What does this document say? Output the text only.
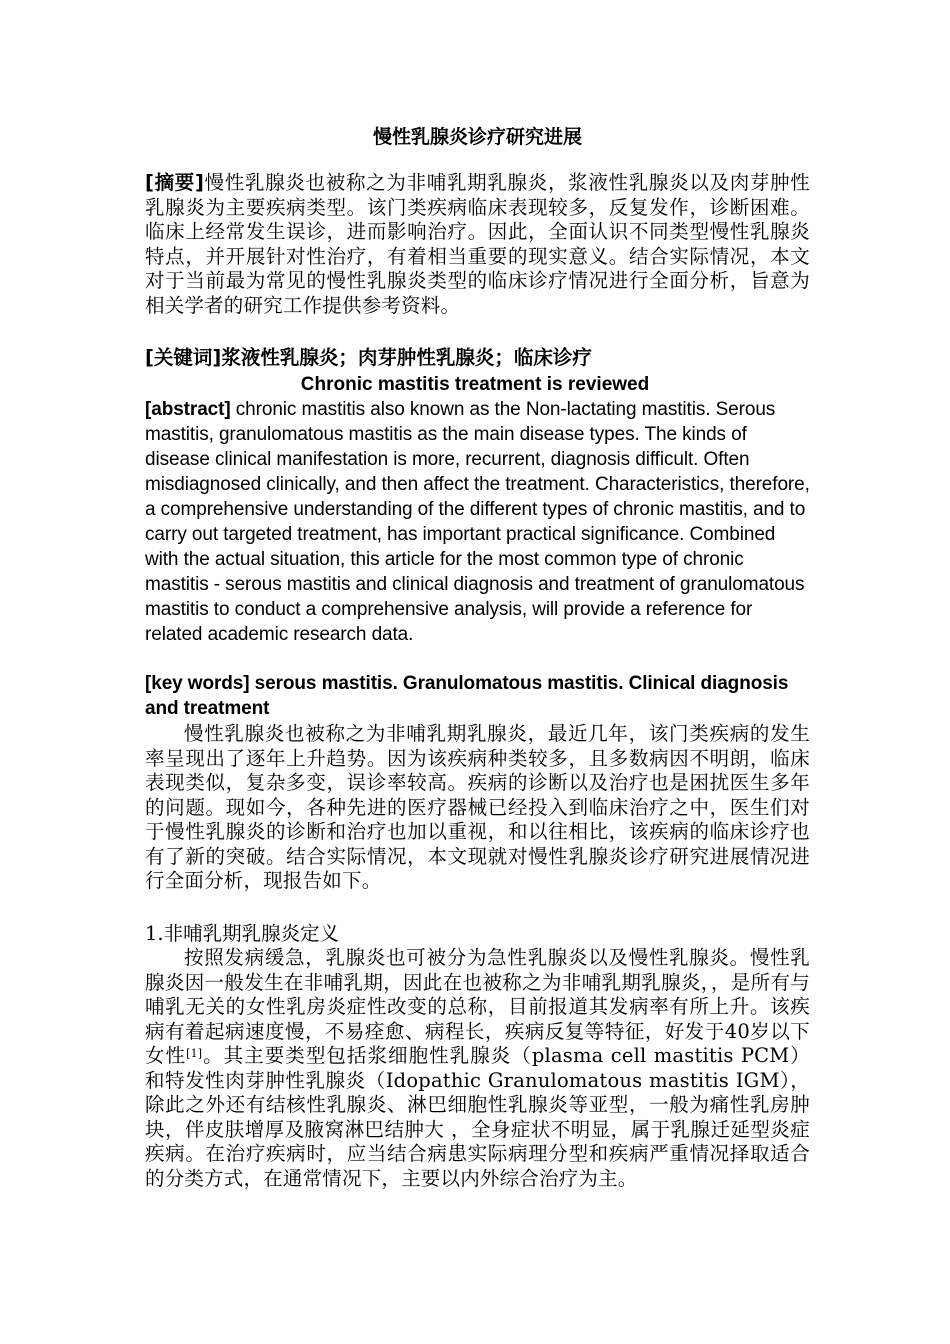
慢性乳腺炎诊疗研究进展
[摘要]慢性乳腺炎也被称之为非哺乳期乳腺炎，浆液性乳腺炎以及肉芽肿性乳腺炎为主要疾病类型。该门类疾病临床表现较多，反复发作，诊断困难。临床上经常发生误诊，进而影响治疗。因此，全面认识不同类型慢性乳腺炎特点，并开展针对性治疗，有着相当重要的现实意义。结合实际情况，本文对于当前最为常见的慢性乳腺炎类型的临床诊疗情况进行全面分析，旨意为相关学者的研究工作提供参考资料。
[关键词]浆液性乳腺炎；肉芽肿性乳腺炎；临床诊疗
Chronic mastitis treatment is reviewed
[abstract] chronic mastitis also known as the Non-lactating mastitis. Serous mastitis, granulomatous mastitis as the main disease types. The kinds of disease clinical manifestation is more, recurrent, diagnosis difficult. Often misdiagnosed clinically, and then affect the treatment. Characteristics, therefore, a comprehensive understanding of the different types of chronic mastitis, and to carry out targeted treatment, has important practical significance. Combined with the actual situation, this article for the most common type of chronic mastitis - serous mastitis and clinical diagnosis and treatment of granulomatous mastitis to conduct a comprehensive analysis, will provide a reference for related academic research data.
[key words] serous mastitis. Granulomatous mastitis. Clinical diagnosis and treatment
慢性乳腺炎也被称之为非哺乳期乳腺炎，最近几年，该门类疾病的发生率呈现出了逐年上升趋势。因为该疾病种类较多，且多数病因不明朗，临床表现类似，复杂多变，误诊率较高。疾病的诊断以及治疗也是困扰医生多年的问题。现如今，各种先进的医疗器械已经投入到临床治疗之中，医生们对于慢性乳腺炎的诊断和治疗也加以重视，和以往相比，该疾病的临床诊疗也有了新的突破。结合实际情况，本文现就对慢性乳腺炎诊疗研究进展情况进行全面分析，现报告如下。
1.非哺乳期乳腺炎定义
按照发病缓急，乳腺炎也可被分为急性乳腺炎以及慢性乳腺炎。慢性乳腺炎因一般发生在非哺乳期，因此在也被称之为非哺乳期乳腺炎，，是所有与哺乳无关的女性乳房炎症性改变的总称，目前报道其发病率有所上升。该疾病有着起病速度慢，不易痊愈、病程长，疾病反复等特征，好发于40岁以下女性[1]。其主要类型包括浆细胞性乳腺炎（plasma cell mastitis PCM）和特发性肉芽肿性乳腺炎（Idopathic Granulomatous mastitis IGM），除此之外还有结核性乳腺炎、淋巴细胞性乳腺炎等亚型，一般为痛性乳房肿块，伴皮肤增厚及腋窝淋巴结肿大 ，全身症状不明显，属于乳腺迁延型炎症疾病。在治疗疾病时，应当结合病患实际病理分型和疾病严重情况择取适合的分类方式，在通常情况下，主要以内外综合治疗为主。
